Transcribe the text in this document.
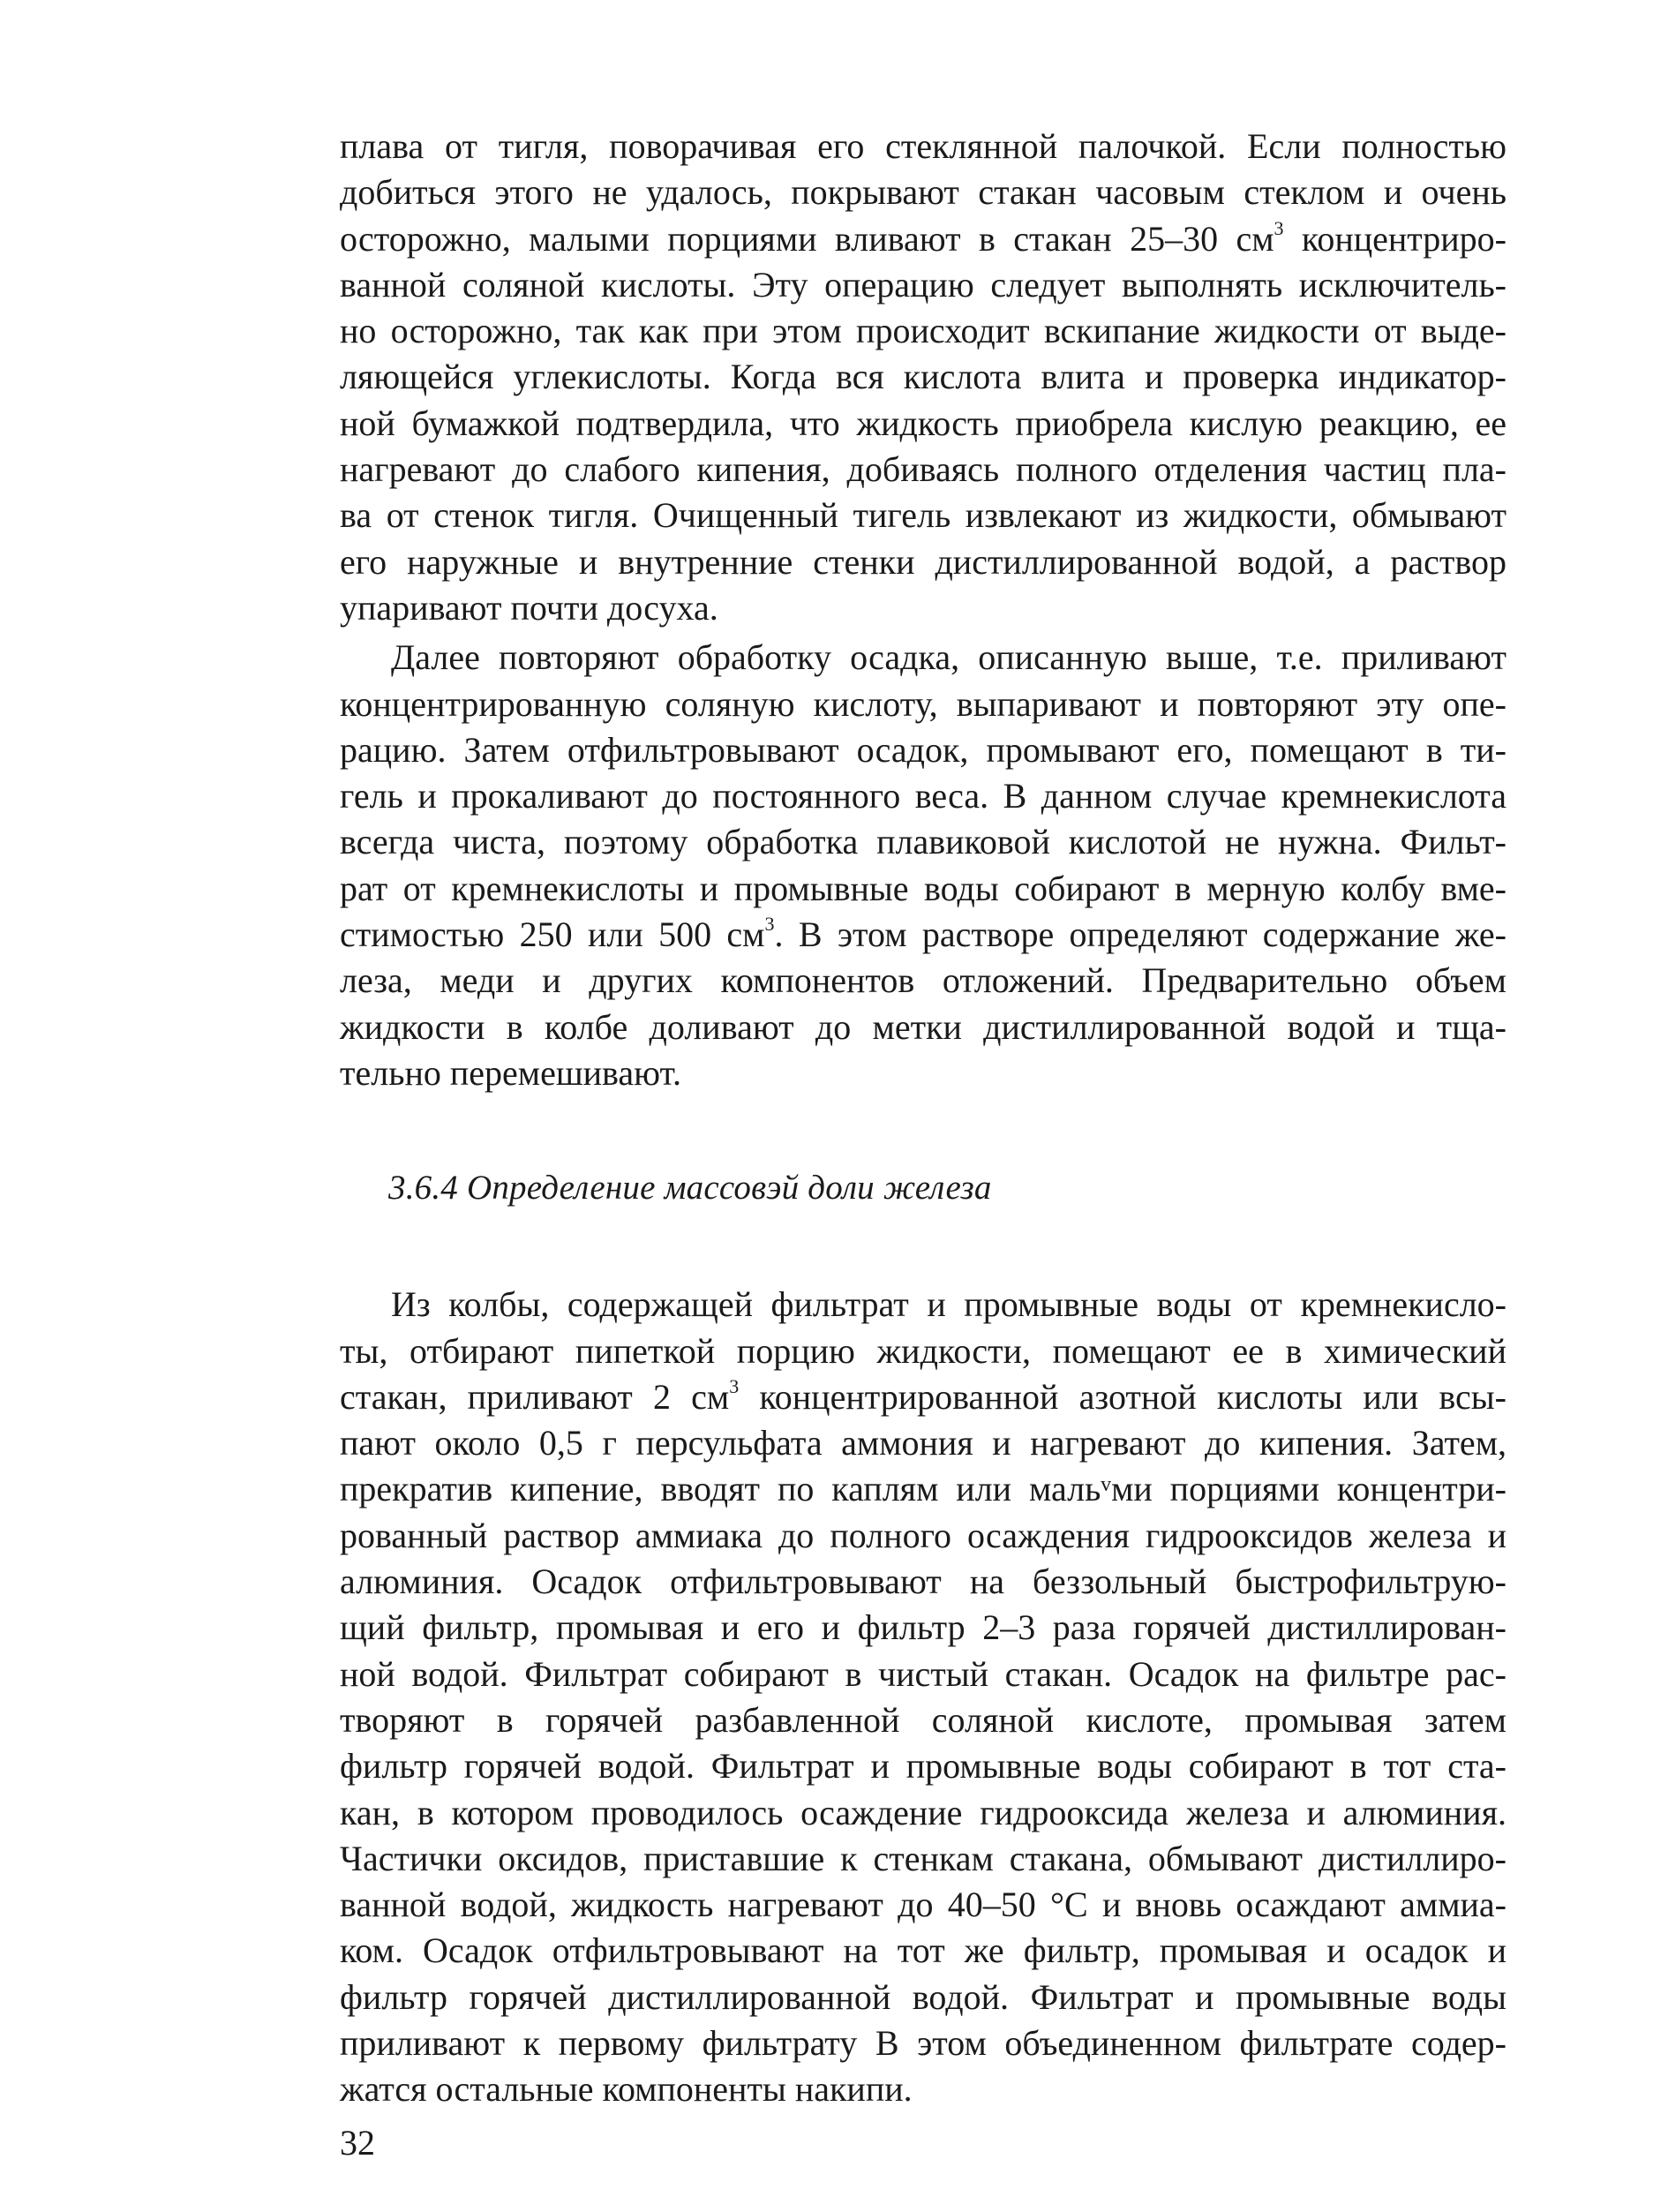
плава от тигля, поворачивая его стеклянной палочкой. Если полностью
добиться этого не удалось, покрывают стакан часовым стеклом и очень
осторожно, малыми порциями вливают в стакан 25–30 $см^3$ концентриро-
ванной соляной кислоты. Эту операцию следует выполнять исключитель-
но осторожно, так как при этом происходит вскипание жидкости от выде-
ляющейся углекислоты. Когда вся кислота влита и проверка индикатор-
ной бумажкой подтвердила, что жидкость приобрела кислую реакцию, ее
нагревают до слабого кипения, добиваясь полного отделения частиц пла-
ва от стенок тигля. Очищенный тигель извлекают из жидкости, обмывают
его наружные и внутренние стенки дистиллированной водой, а раствор
упаривают почти досуха.
Далее повторяют обработку осадка, описанную выше, т.е. приливают
концентрированную соляную кислоту, выпаривают и повторяют эту опе-
рацию. Затем отфильтровывают осадок, промывают его, помещают в ти-
гель и прокаливают до постоянного веса. В данном случае кремнекислота
всегда чиста, поэтому обработка плавиковой кислотой не нужна. Фильт-
рат от кремнекислоты и промывные воды собирают в мерную колбу вме-
стимостью 250 или 500 $см^3$. В этом растворе определяют содержание же-
леза, меди и других компонентов отложений. Предварительно объем
жидкости в колбе доливают до метки дистиллированной водой и тща-
тельно перемешивают.
3.6.4 Определение массовэй доли железа
Из колбы, содержащей фильтрат и промывные воды от кремнекисло-
ты, отбирают пипеткой порцию жидкости, помещают ее в химический
стакан, приливают 2 $см^3$ концентрированной азотной кислоты или всы-
пают около 0,5 г персульфата аммония и нагревают до кипения. Затем,
прекратив кипение, вводят по каплям или мальᵛми порциями концентри-
рованный раствор аммиака до полного осаждения гидрооксидов железа и
алюминия. Осадок отфильтровывают на беззольный быстрофильтрую-
щий фильтр, промывая и его и фильтр 2–3 раза горячей дистиллирован-
ной водой. Фильтрат собирают в чистый стакан. Осадок на фильтре рас-
творяют в горячей разбавленной соляной кислоте, промывая затем
фильтр горячей водой. Фильтрат и промывные воды собирают в тот ста-
кан, в котором проводилось осаждение гидрооксида железа и алюминия.
Частички оксидов, приставшие к стенкам стакана, обмывают дистиллиро-
ванной водой, жидкость нагревают до 40–50 °С и вновь осаждают аммиа-
ком. Осадок отфильтровывают на тот же фильтр, промывая и осадок и
фильтр горячей дистиллированной водой. Фильтрат и промывные воды
приливают к первому фильтрату В этом объединенном фильтрате содер-
жатся остальные компоненты накипи.
32
